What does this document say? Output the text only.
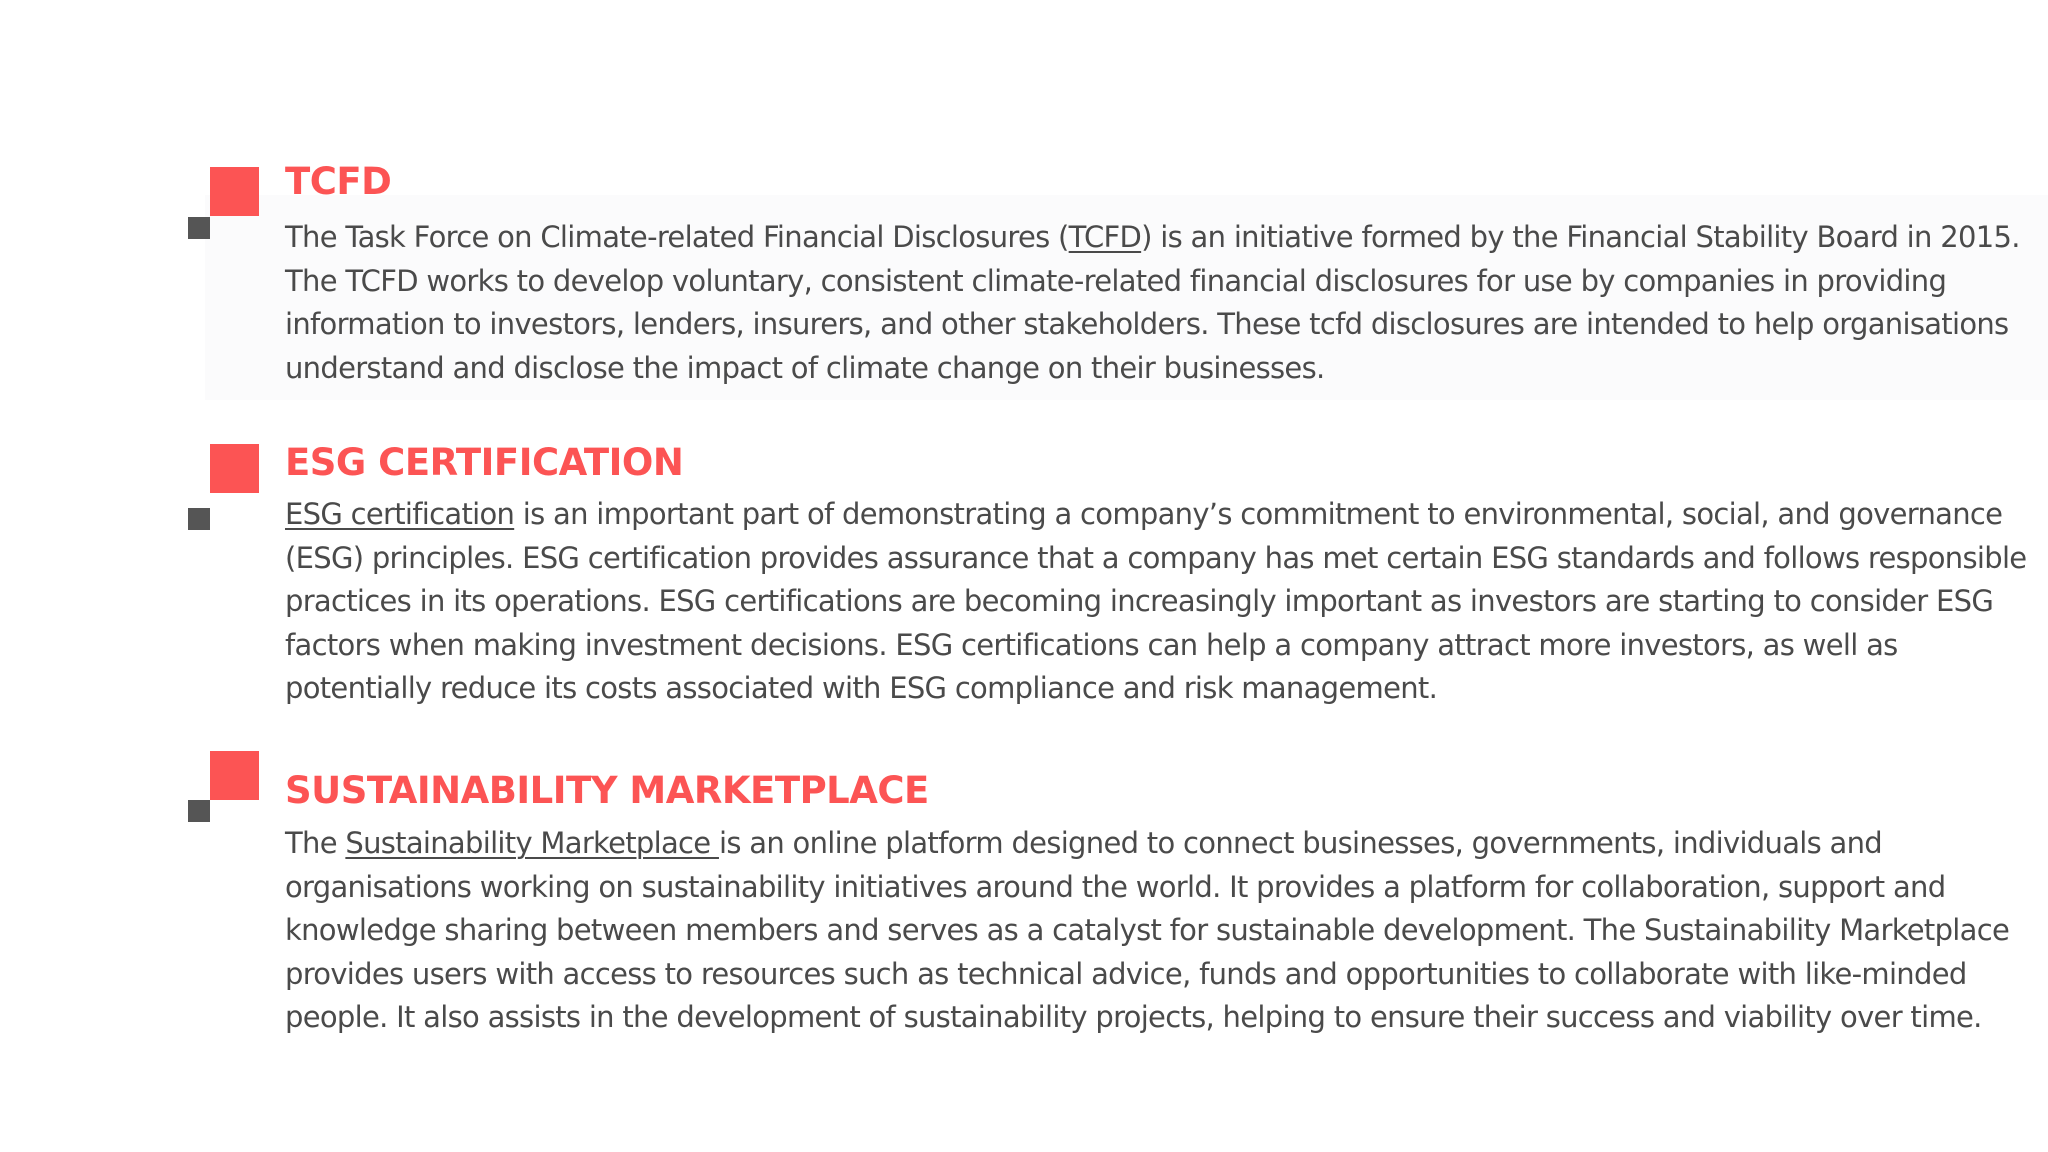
TCFD

The Task Force on Climate-related Financial Disclosures (TCFD) is an initiative formed by the Financial Stability Board in 2015. The TCFD works to develop voluntary, consistent climate-related financial disclosures for use by companies in providing information to investors, lenders, insurers, and other stakeholders. These tcfd disclosures are intended to help organisations understand and disclose the impact of climate change on their businesses.

ESG CERTIFICATION

ESG certification is an important part of demonstrating a company’s commitment to environmental, social, and governance (ESG) principles. ESG certification provides assurance that a company has met certain ESG standards and follows responsible practices in its operations. ESG certifications are becoming increasingly important as investors are starting to consider ESG factors when making investment decisions. ESG certifications can help a company attract more investors, as well as potentially reduce its costs associated with ESG compliance and risk management.

SUSTAINABILITY MARKETPLACE

The Sustainability Marketplace is an online platform designed to connect businesses, governments, individuals and organisations working on sustainability initiatives around the world. It provides a platform for collaboration, support and knowledge sharing between members and serves as a catalyst for sustainable development. The Sustainability Marketplace provides users with access to resources such as technical advice, funds and opportunities to collaborate with like-minded people. It also assists in the development of sustainability projects, helping to ensure their success and viability over time.
